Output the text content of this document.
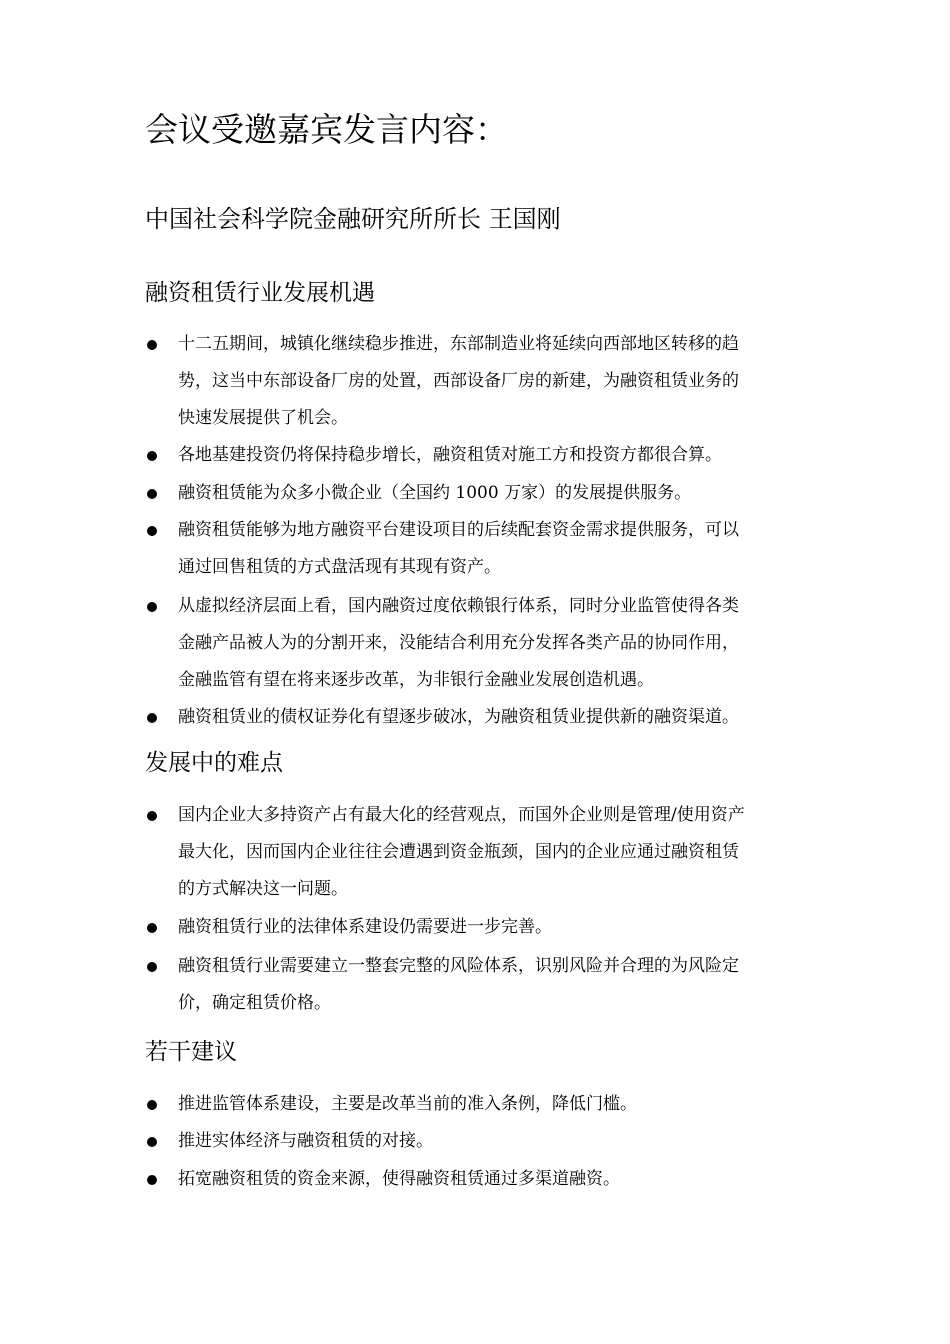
会议受邀嘉宾发言内容：
中国社会科学院金融研究所所长 王国刚
融资租赁行业发展机遇
十二五期间，城镇化继续稳步推进，东部制造业将延续向西部地区转移的趋
势，这当中东部设备厂房的处置，西部设备厂房的新建，为融资租赁业务的
快速发展提供了机会。
各地基建投资仍将保持稳步增长，融资租赁对施工方和投资方都很合算。
融资租赁能为众多小微企业（全国约 1000 万家）的发展提供服务。
融资租赁能够为地方融资平台建设项目的后续配套资金需求提供服务，可以
通过回售租赁的方式盘活现有其现有资产。
从虚拟经济层面上看，国内融资过度依赖银行体系，同时分业监管使得各类
金融产品被人为的分割开来，没能结合利用充分发挥各类产品的协同作用，
金融监管有望在将来逐步改革，为非银行金融业发展创造机遇。
融资租赁业的债权证券化有望逐步破冰，为融资租赁业提供新的融资渠道。
发展中的难点
国内企业大多持资产占有最大化的经营观点，而国外企业则是管理/使用资产
最大化，因而国内企业往往会遭遇到资金瓶颈，国内的企业应通过融资租赁
的方式解决这一问题。
融资租赁行业的法律体系建设仍需要进一步完善。
融资租赁行业需要建立一整套完整的风险体系，识别风险并合理的为风险定
价，确定租赁价格。
若干建议
推进监管体系建设，主要是改革当前的准入条例，降低门槛。
推进实体经济与融资租赁的对接。
拓宽融资租赁的资金来源，使得融资租赁通过多渠道融资。
